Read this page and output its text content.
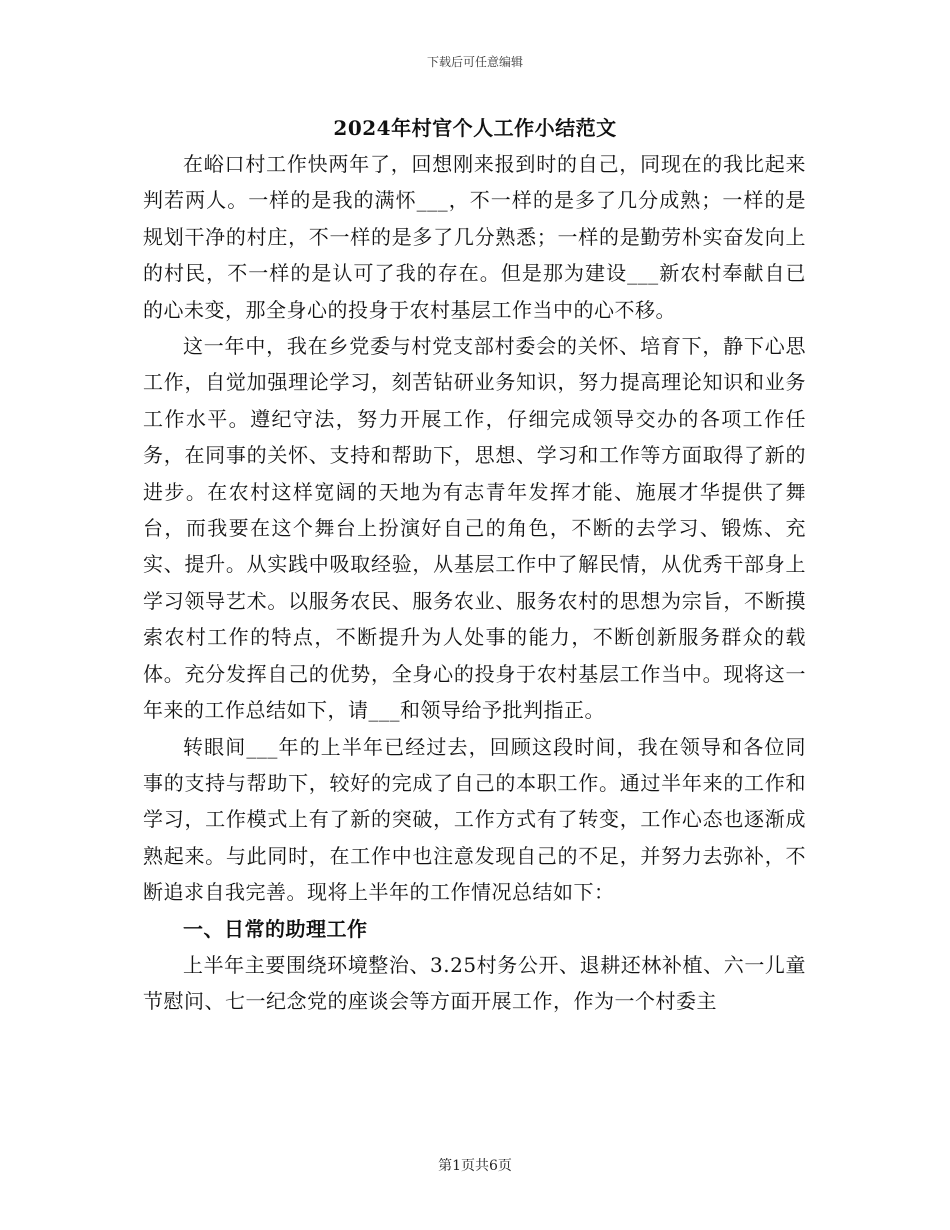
下载后可任意编辑
2024年村官个人工作小结范文

在峪口村工作快两年了，回想刚来报到时的自己，同现在的我比起来判若两人。一样的是我的满怀___，不一样的是多了几分成熟；一样的是规划干净的村庄，不一样的是多了几分熟悉；一样的是勤劳朴实奋发向上的村民，不一样的是认可了我的存在。但是那为建设___新农村奉献自已的心未变，那全身心的投身于农村基层工作当中的心不移。

这一年中，我在乡党委与村党支部村委会的关怀、培育下，静下心思工作，自觉加强理论学习，刻苦钻研业务知识，努力提高理论知识和业务工作水平。遵纪守法，努力开展工作，仔细完成领导交办的各项工作任务，在同事的关怀、支持和帮助下，思想、学习和工作等方面取得了新的进步。在农村这样宽阔的天地为有志青年发挥才能、施展才华提供了舞台，而我要在这个舞台上扮演好自己的角色，不断的去学习、锻炼、充实、提升。从实践中吸取经验，从基层工作中了解民情，从优秀干部身上学习领导艺术。以服务农民、服务农业、服务农村的思想为宗旨，不断摸索农村工作的特点，不断提升为人处事的能力，不断创新服务群众的载体。充分发挥自己的优势，全身心的投身于农村基层工作当中。现将这一年来的工作总结如下，请___和领导给予批判指正。

转眼间___年的上半年已经过去，回顾这段时间，我在领导和各位同事的支持与帮助下，较好的完成了自己的本职工作。通过半年来的工作和学习，工作模式上有了新的突破，工作方式有了转变，工作心态也逐渐成熟起来。与此同时，在工作中也注意发现自己的不足，并努力去弥补，不断追求自我完善。现将上半年的工作情况总结如下：

一、日常的助理工作

上半年主要围绕环境整治、3.25村务公开、退耕还林补植、六一儿童节慰问、七一纪念党的座谈会等方面开展工作，作为一个村委主

第1页共6页
